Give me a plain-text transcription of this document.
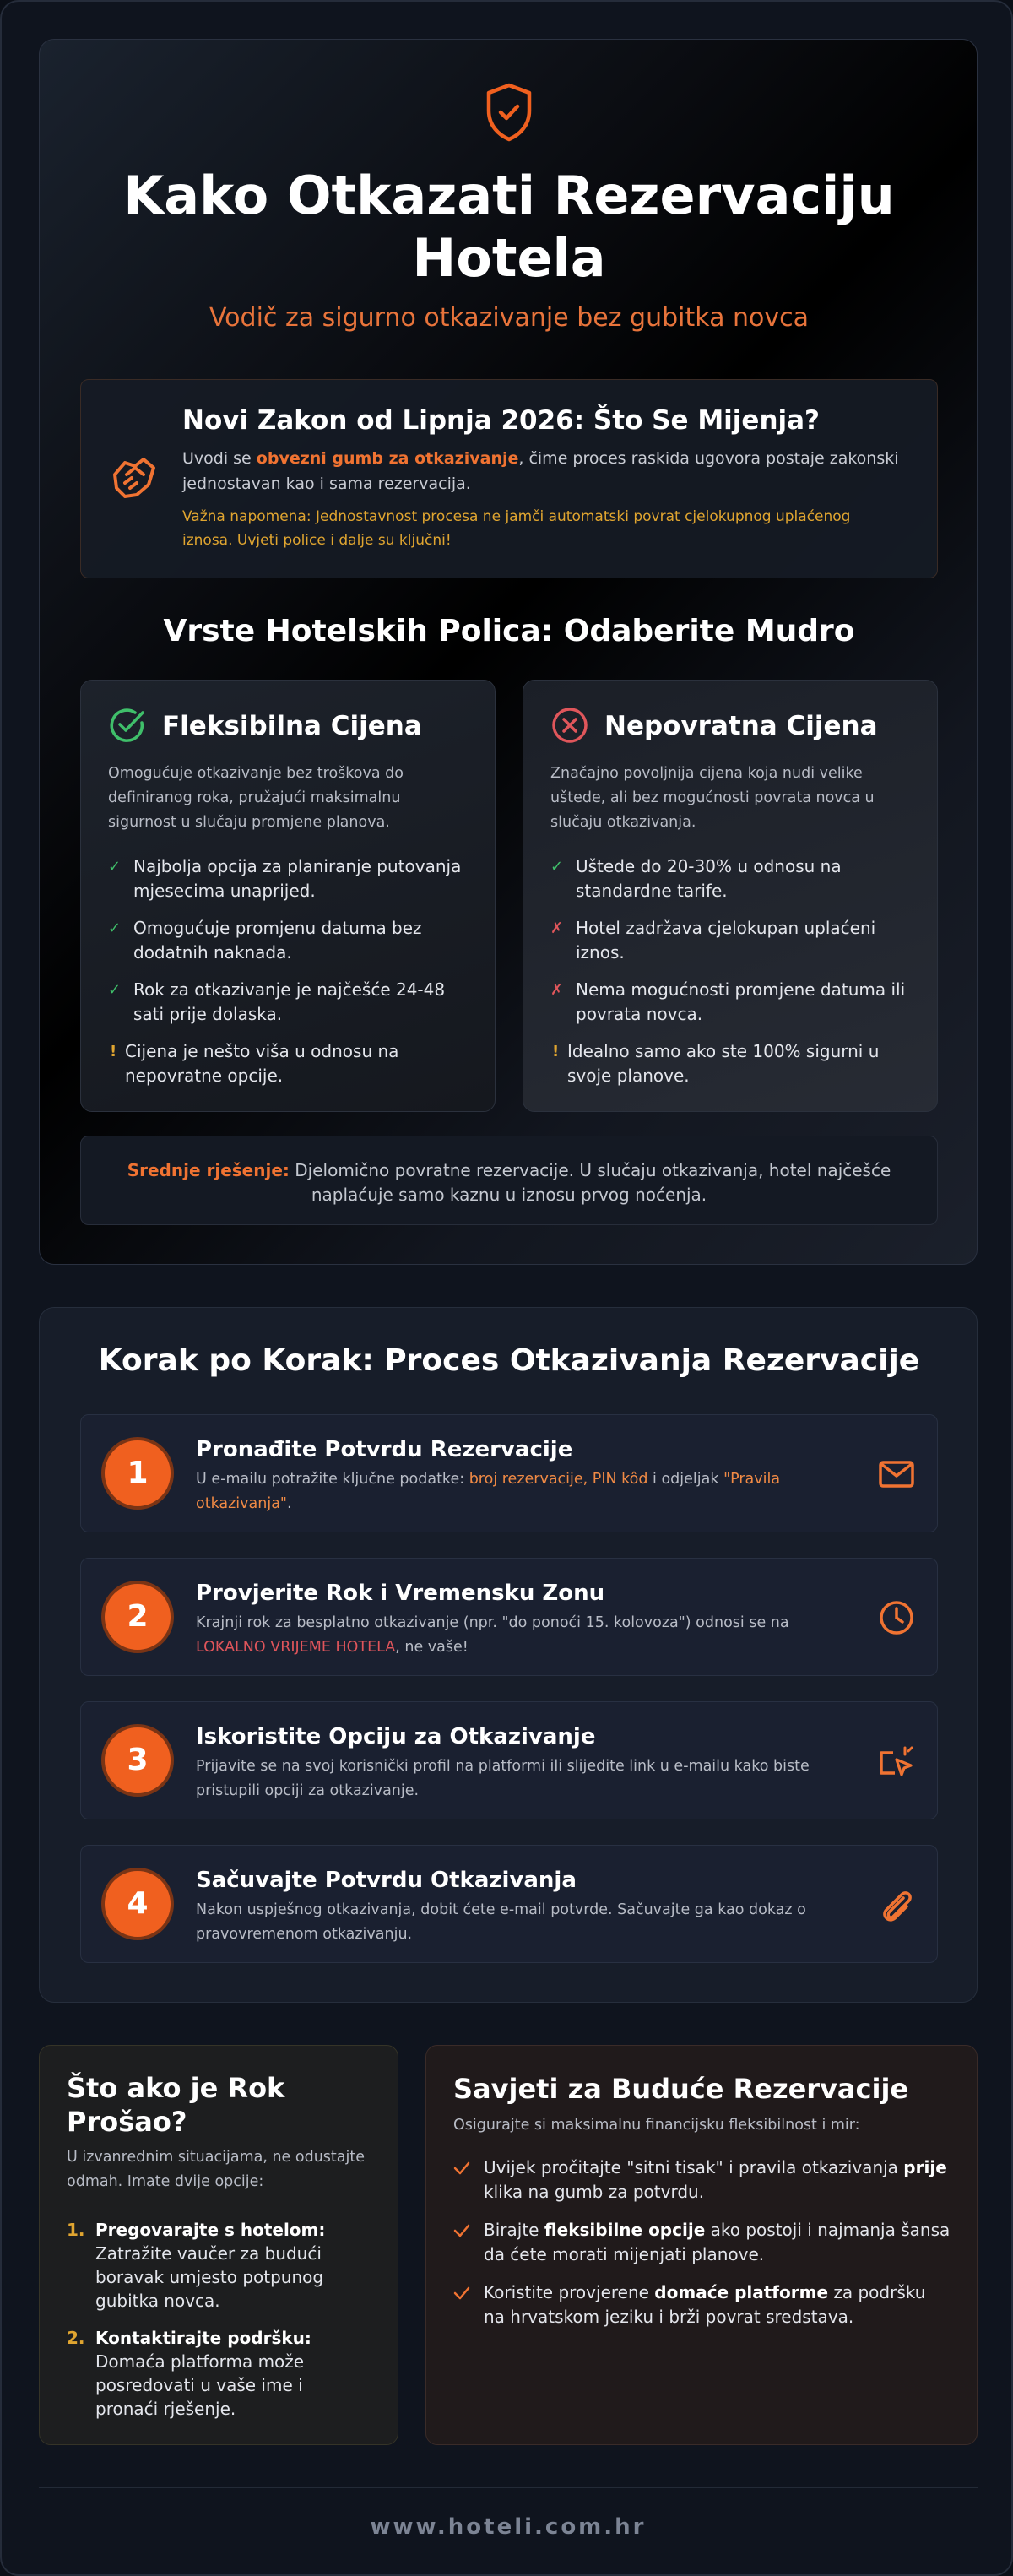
Kako Otkazati Rezervaciju Hotela
Vodič za sigurno otkazivanje bez gubitka novca
Novi Zakon od Lipnja 2026: Što Se Mijenja?

Uvodi se obvezni gumb za otkazivanje, čime proces raskida ugovora postaje zakonski jednostavan kao i sama rezervacija.

Važna napomena: Jednostavnost procesa ne jamči automatski povrat cjelokupnog uplaćenog iznosa. Uvjeti police i dalje su ključni!

Vrste Hotelskih Polica: Odaberite Mudro
Fleksibilna Cijena

Omogućuje otkazivanje bez troškova do definiranog roka, pružajući maksimalnu sigurnost u slučaju promjene planova.

✓ Najbolja opcija za planiranje putovanja mjesecima unaprijed.
✓ Omogućuje promjenu datuma bez dodatnih naknada.
✓ Rok za otkazivanje je najčešće 24-48 sati prije dolaska.
! Cijena je nešto viša u odnosu na nepovratne opcije.
Nepovratna Cijena

Značajno povoljnija cijena koja nudi velike uštede, ali bez mogućnosti povrata novca u slučaju otkazivanja.

✓ Uštede do 20-30% u odnosu na standardne tarife.
✗ Hotel zadržava cjelokupan uplaćeni iznos.
✗ Nema mogućnosti promjene datuma ili povrata novca.
! Idealno samo ako ste 100% sigurni u svoje planove.
Srednje rješenje: Djelomično povratne rezervacije. U slučaju otkazivanja, hotel najčešće naplaćuje samo kaznu u iznosu prvog noćenja.
Korak po Korak: Proces Otkazivanja Rezervacije
1
Pronađite Potvrdu Rezervacije

U e-mailu potražite ključne podatke: broj rezervacije, PIN kôd i odjeljak "Pravila otkazivanja".

2
Provjerite Rok i Vremensku Zonu

Krajnji rok za besplatno otkazivanje (npr. "do ponoći 15. kolovoza") odnosi se na LOKALNO VRIJEME HOTELA, ne vaše!

3
Iskoristite Opciju za Otkazivanje

Prijavite se na svoj korisnički profil na platformi ili slijedite link u e-mailu kako biste pristupili opciji za otkazivanje.

4
Sačuvajte Potvrdu Otkazivanja

Nakon uspješnog otkazivanja, dobit ćete e-mail potvrde. Sačuvajte ga kao dokaz o pravovremenom otkazivanju.

Što ako je Rok Prošao?

U izvanrednim situacijama, ne odustajte odmah. Imate dvije opcije:

1. Pregovarajte s hotelom: Zatražite vaučer za budući boravak umjesto potpunog gubitka novca.
2. Kontaktirajte podršku: Domaća platforma može posredovati u vaše ime i pronaći rješenje.
Savjeti za Buduće Rezervacije

Osigurajte si maksimalnu financijsku fleksibilnost i mir:

Uvijek pročitajte "sitni tisak" i pravila otkazivanja prije klika na gumb za potvrdu.
Birajte fleksibilne opcije ako postoji i najmanja šansa da ćete morati mijenjati planove.
Koristite provjerene domaće platforme za podršku na hrvatskom jeziku i brži povrat sredstava.
www.hoteli.com.hr
